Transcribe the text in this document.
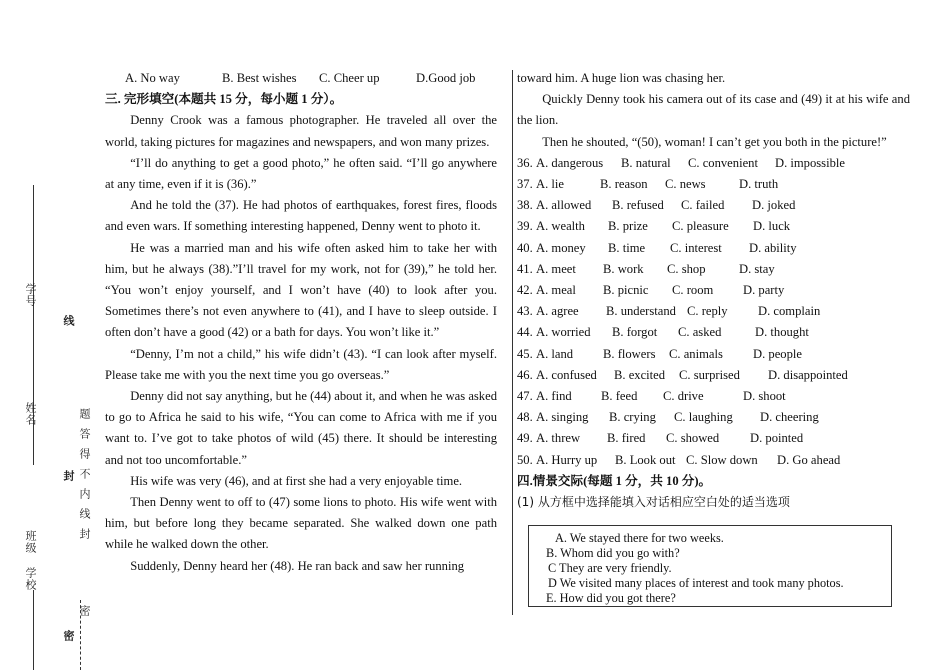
学号
姓名
班级
学校
线
封 题答得不内线封
密
密

A. No way	B. Best wishes C. Cheer up	D.Good job

三. 完形填空(本题共 15 分，每小题 1 分）。

Denny Crook was a famous photographer. He traveled all over the world, taking pictures for magazines and newspapers, and won many prizes.

“I’ll do anything to get a good photo,” he often said. “I’ll go anywhere at any time, even if it is (36).”

And he told the (37). He had photos of earthquakes, forest fires, floods and even wars. If something interesting happened, Denny went to photo it.

He was a married man and his wife often asked him to take her with him, but he always (38).”I’ll travel for my work, not for (39),” he told her. “You won’t enjoy yourself, and I won’t have (40) to look after you. Sometimes there’s not even anywhere to (41), and I have to sleep outside. I often don’t have a good (42) or a bath for days. You won’t like it.”

“Denny, I’m not a child,” his wife didn’t (43). “I can look after myself. Please take me with you the next time you go overseas.”

Denny did not say anything, but he (44) about it, and when he was asked to go to Africa he said to his wife, “You can come to Africa with me if you want to. I’ve got to take photos of wild (45) there. It should be interesting and not too uncomfortable.”

His wife was very (46), and at first she had a very enjoyable time.

Then Denny went to off to (47) some lions to photo. His wife went with him, but before long they became separated. She walked down one path while he walked down the other.

Suddenly, Denny heard her (48). He ran back and saw her running

toward him. A huge lion was chasing her.

Quickly Denny took his camera out of its case and (49) it at his wife and the lion.

Then he shouted, “(50), woman! I can’t get you both in the picture!”

36. A. dangerous B. natural C. convenient D. impossible

37. A. lie	B. reason C. news	D. truth

38. A. allowed B. refused C. failed D. joked

39. A. wealth B. prize C. pleasure D. luck

40. A. money B. time C. interest D. ability

41. A. meet B. work C. shop	D. stay

42. A. meal B. picnic C. room D. party

43. A. agree B. understand C. reply D. complain

44. A. worried B. forgot C. asked	D. thought

45. A. land B. flowers C. animals D. people

46. A. confused B. excited C. surprised D. disappointed

47. A. find B. feed C. drive	D. shoot

48. A. singing B. crying C. laughing D. cheering

49. A. threw B. fired C. showed D. pointed

50. A. Hurry up B. Look out C. Slow down D. Go ahead

四.情景交际(每题 1 分，共 10 分)。

(1) 从方框中选择能填入对话相应空白处的适当选项

A. We stayed there for two weeks.
B. Whom did you go with?
C They are very friendly.
D We visited many places of interest and took many photos.
E. How did you got there?
